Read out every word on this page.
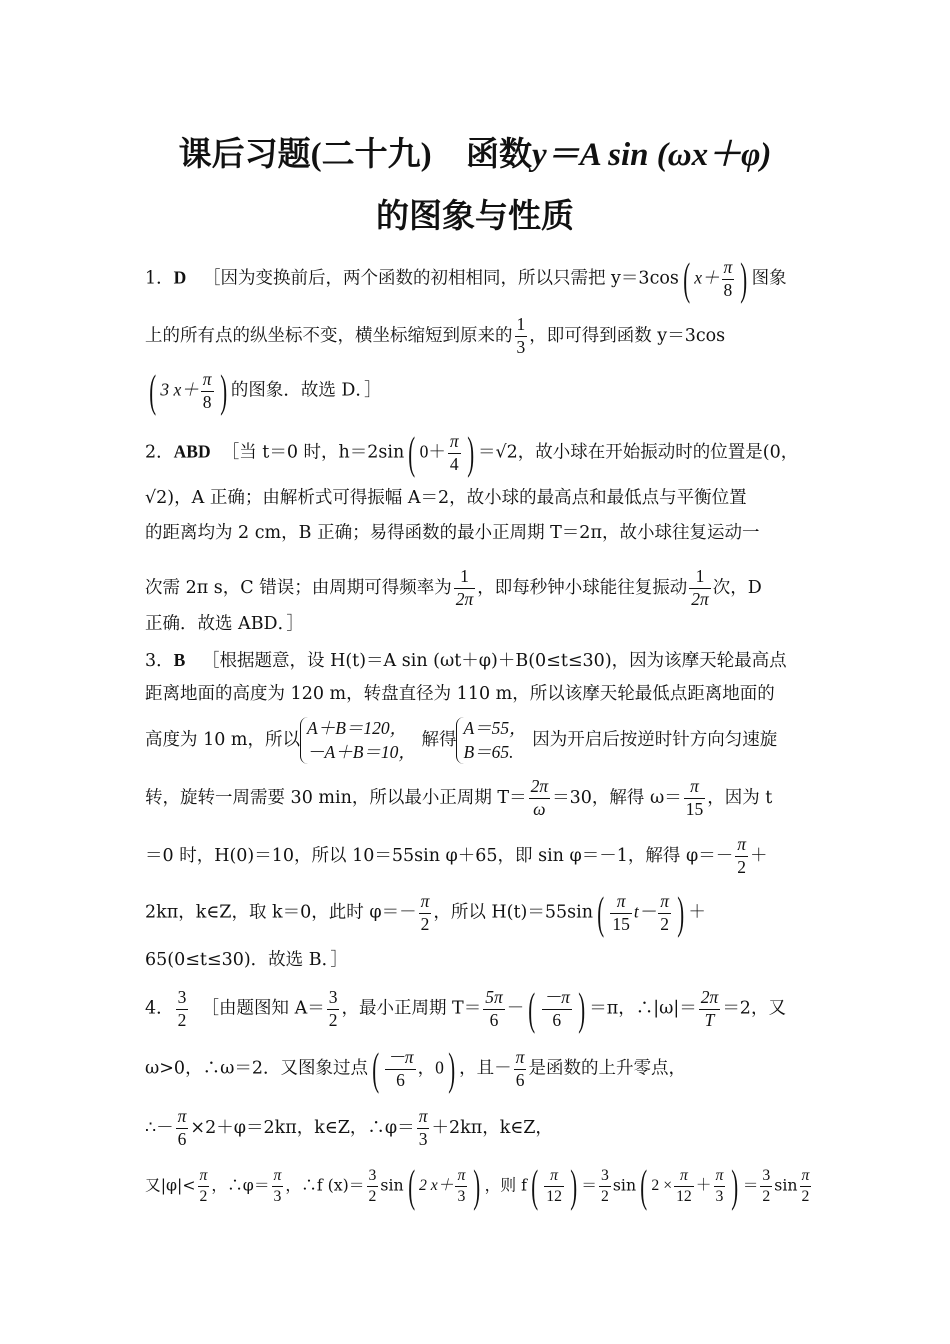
课后习题(二十九) 函数y＝A sin (ωx＋φ)
的图象与性质
1．D ［因为变换前后，两个函数的初相相同，所以只需把 y＝3cos( $x+ \frac{\pi}{8}$ ) 图象
上的所有点的纵坐标不变，横坐标缩短到原来的 $\frac{1}{3}$ ，即可得到函数 y＝3cos
( 3 $x+ \frac{\pi}{8}$ ) 的图象．故选 D．］
2．ABD ［当 t＝0 时，h＝2sin( $0+ \frac{\pi}{4}$ ) ＝√2，故小球在开始振动时的位置是(0，
√2)，A 正确；由解析式可得振幅 A＝2，故小球的最高点和最低点与平衡位置
的距离均为 2 cm，B 正确；易得函数的最小正周期 T＝2π，故小球往复运动一
次需 2π s，C 错误；由周期可得频率为 $\frac{1}{2\pi}$ ，即每秒钟小球能往复振动 $\frac{1}{2\pi}$ 次，D
正确．故选 ABD．］
3．B ［根据题意，设 H(t)＝A sin (ωt＋φ)＋B(0≤t≤30)，因为该摩天轮最高点
距离地面的高度为 120 m，转盘直径为 110 m，所以该摩天轮最低点距离地面的
高度为 10 m，所以
A＋B＝120，
－A＋B＝10，
解得
A＝55，
B＝65.
因为开启后按逆时针方向匀速旋
转，旋转一周需要 30 min，所以最小正周期 $T= \frac{2\pi}{\omega} =30$，解得 $\omega= \frac{\pi}{15}$ ，因为 t
＝0 时，H(0)＝10，所以 10＝55sin φ＋65，即 sin φ＝－1，解得 $\varphi=- \frac{\pi}{2}$ ＋
2kπ，k∈Z，取 k＝0，此时 $\varphi=- \frac{\pi}{2}$ ，所以 $H(t)=55\sin( \frac{\pi}{15} t- \frac{\pi}{2}$ ) ＋
65(0≤t≤30)．故选 B．］
4． $\frac{3}{2}$ ［由题图知 $A= \frac{3}{2}$ ，最小正周期 $T= \frac{5\pi}{6}$ －( $\frac{-\pi}{6}$ ) ＝π，∴|ω|＝ $\frac{2\pi}{T} =2$，又
ω>0，∴ω＝2．又图象过点( $\frac{-\pi}{6}$ ，0) ，且－ $\frac{\pi}{6}$ 是函数的上升零点，
∴－ $\frac{\pi}{6} \times 2+\varphi=2k\pi$，k∈Z，∴φ＝ $\frac{\pi}{3} +2k\pi$，k∈Z，
又$|\varphi|< \frac{\pi}{2}$ ，∴φ＝ $\frac{\pi}{3}$ ，∴f $(x)= \frac{3}{2} \sin$( 2 $x+ \frac{\pi}{3}$ ) ，则 $f( \frac{\pi}{12}$ ) ＝ $\frac{3}{2} \sin$( $2 \times \frac{\pi}{12} + \frac{\pi}{3}$ ) ＝ $\frac{3}{2}$ $\sin \frac{\pi}{2}$
